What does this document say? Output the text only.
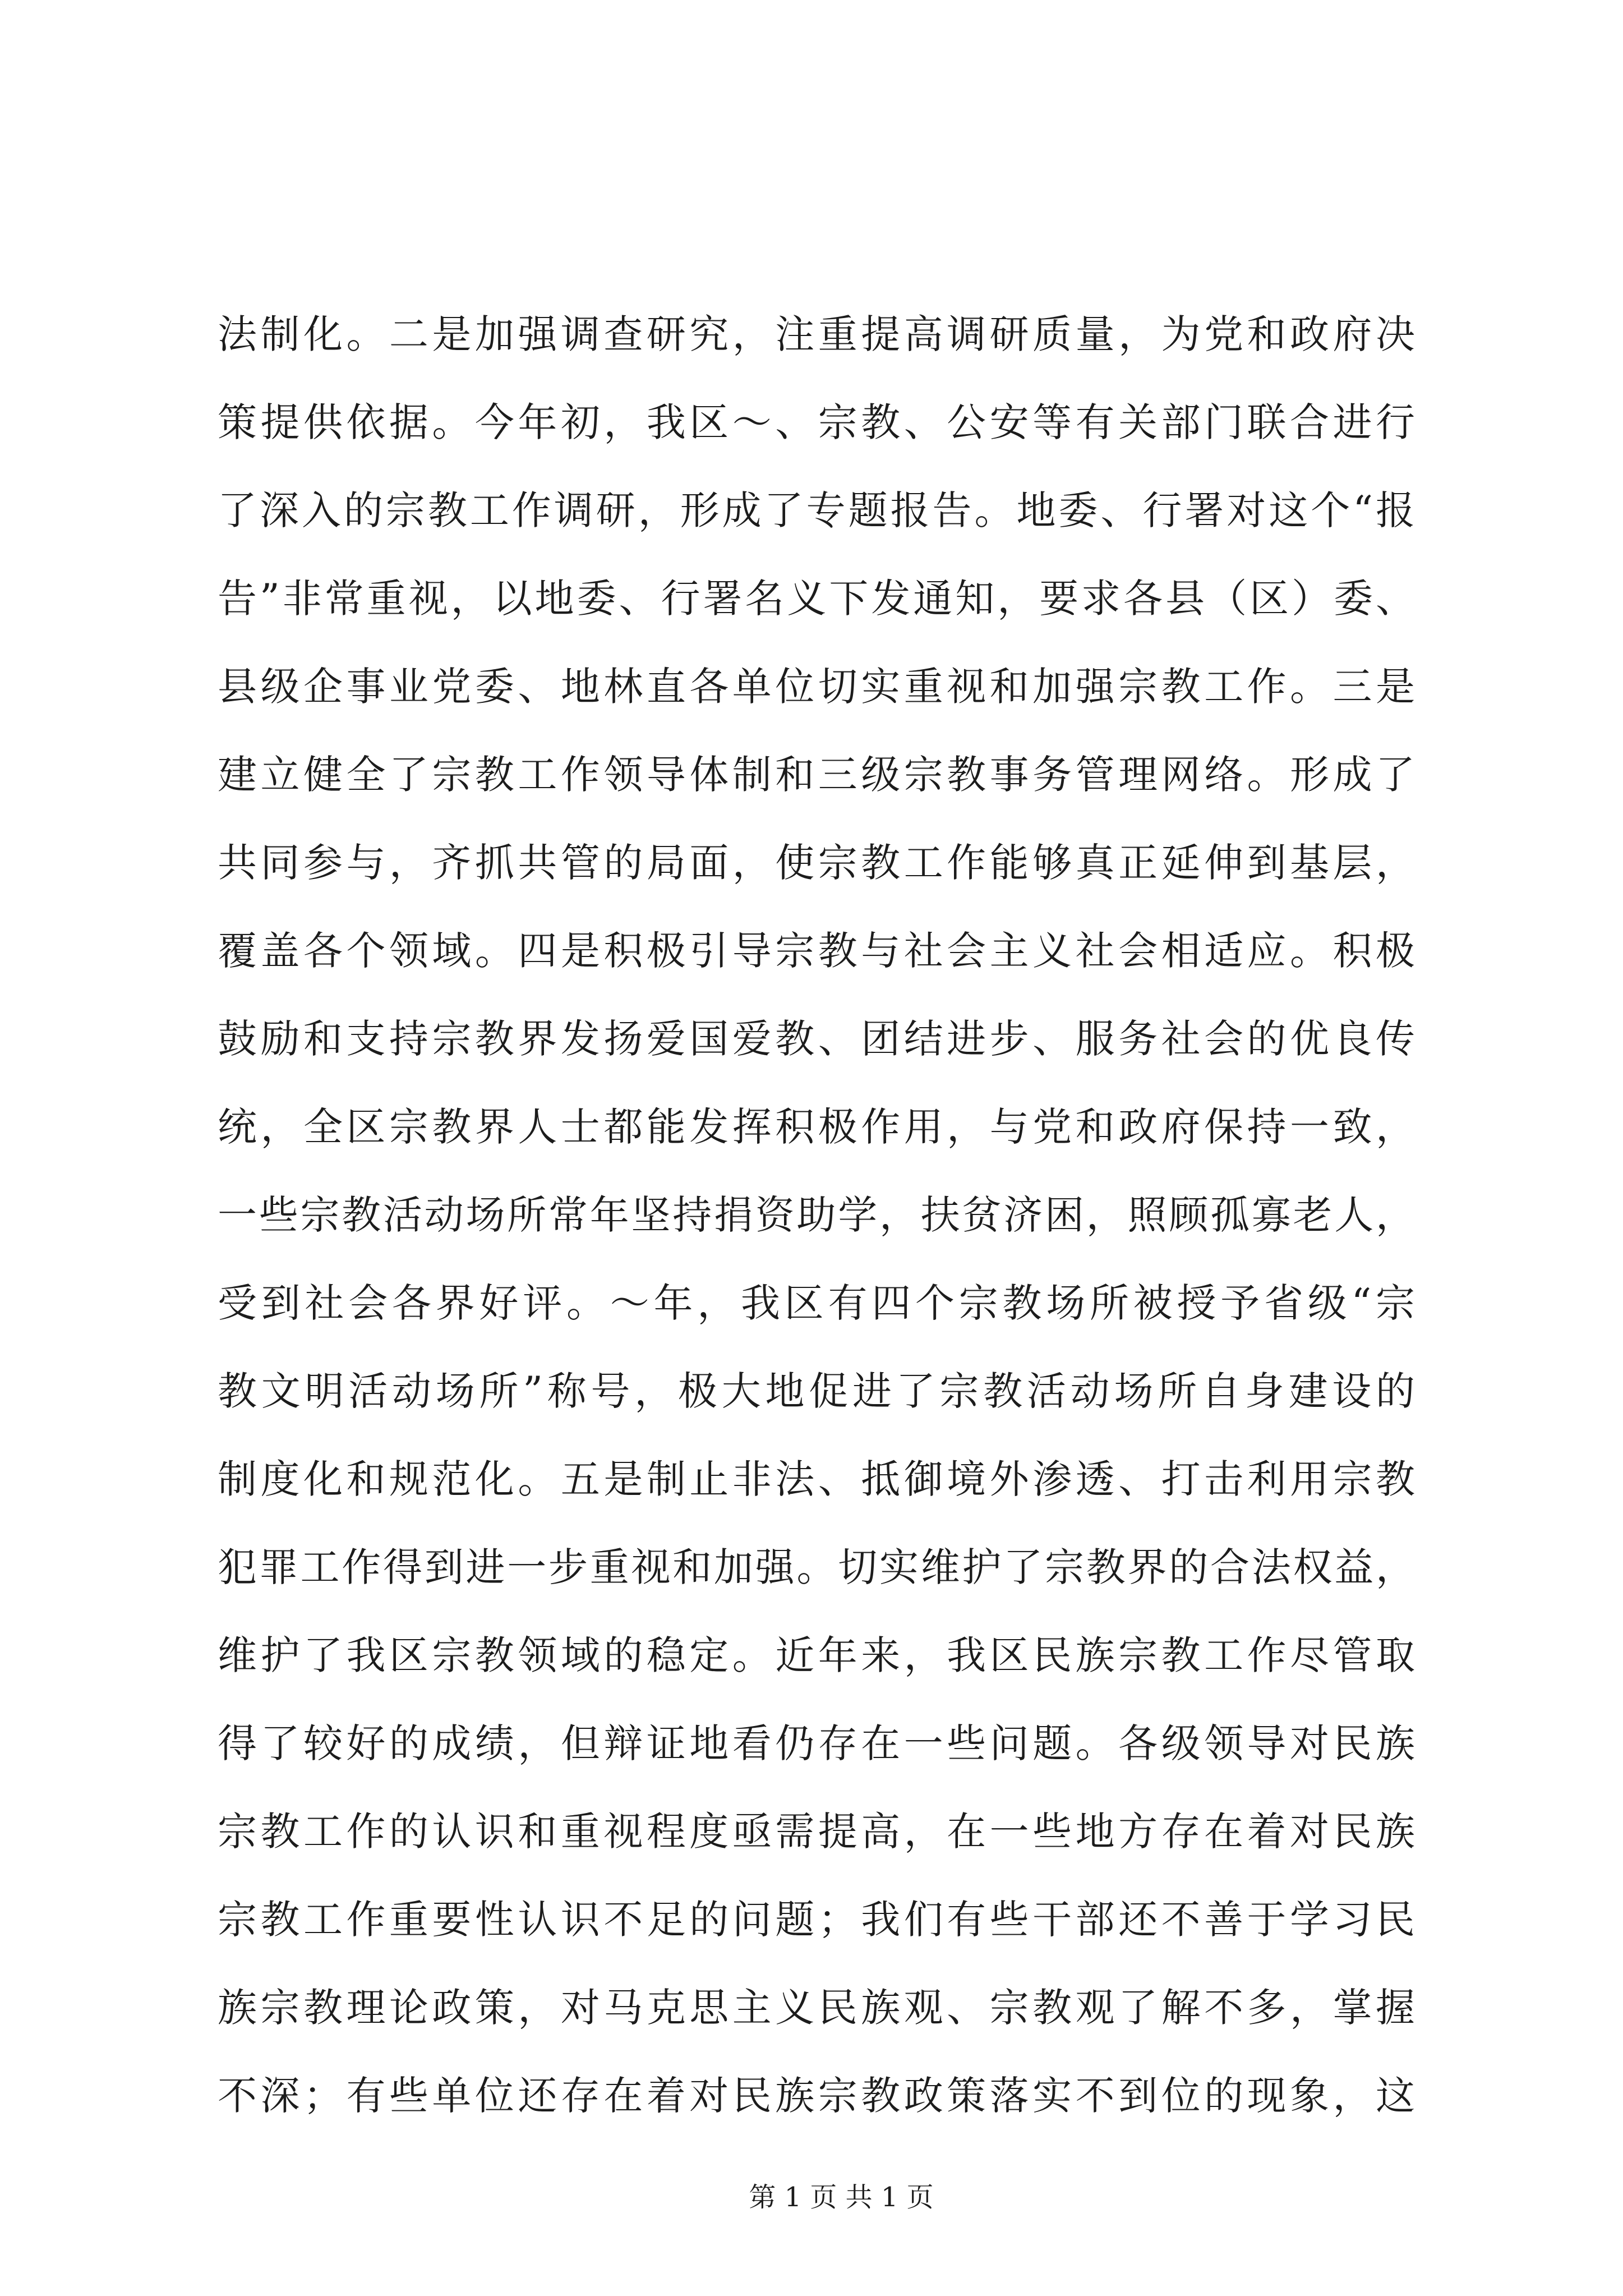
法制化。二是加强调查研究，注重提高调研质量，为党和政府决
策提供依据。今年初，我区～、宗教、公安等有关部门联合进行
了深入的宗教工作调研，形成了专题报告。地委、行署对这个“报
告”非常重视，以地委、行署名义下发通知，要求各县（区）委、
县级企事业党委、地林直各单位切实重视和加强宗教工作。三是
建立健全了宗教工作领导体制和三级宗教事务管理网络。形成了
共同参与，齐抓共管的局面，使宗教工作能够真正延伸到基层，
覆盖各个领域。四是积极引导宗教与社会主义社会相适应。积极
鼓励和支持宗教界发扬爱国爱教、团结进步、服务社会的优良传
统，全区宗教界人士都能发挥积极作用，与党和政府保持一致，
一些宗教活动场所常年坚持捐资助学，扶贫济困，照顾孤寡老人，
受到社会各界好评。～年，我区有四个宗教场所被授予省级“宗
教文明活动场所”称号，极大地促进了宗教活动场所自身建设的
制度化和规范化。五是制止非法、抵御境外渗透、打击利用宗教
犯罪工作得到进一步重视和加强。切实维护了宗教界的合法权益，
维护了我区宗教领域的稳定。近年来，我区民族宗教工作尽管取
得了较好的成绩，但辩证地看仍存在一些问题。各级领导对民族
宗教工作的认识和重视程度亟需提高，在一些地方存在着对民族
宗教工作重要性认识不足的问题；我们有些干部还不善于学习民
族宗教理论政策，对马克思主义民族观、宗教观了解不多，掌握
不深；有些单位还存在着对民族宗教政策落实不到位的现象，这
第 1 页 共 1 页
